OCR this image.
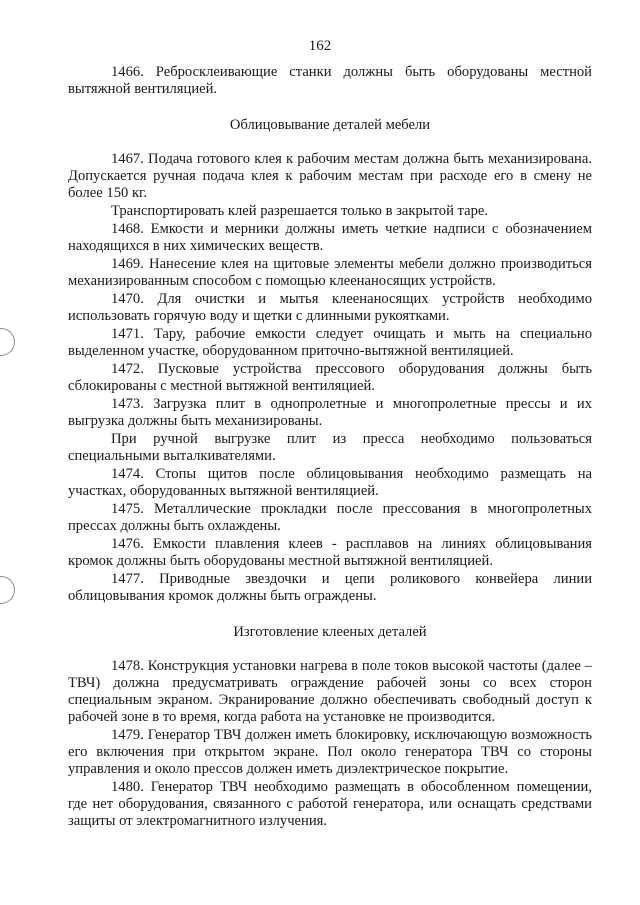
162

1466. Ребросклеивающие станки должны быть оборудованы местной вытяжной вентиляцией.

Облицовывание деталей мебели

1467. Подача готового клея к рабочим местам должна быть механизирована. Допускается ручная подача клея к рабочим местам при расходе его в смену не более 150 кг.

Транспортировать клей разрешается только в закрытой таре.

1468. Емкости и мерники должны иметь четкие надписи с обозначением находящихся в них химических веществ.

1469. Нанесение клея на щитовые элементы мебели должно производиться механизированным способом с помощью клеенаносящих устройств.

1470. Для очистки и мытья клеенаносящих устройств необходимо использовать горячую воду и щетки с длинными рукоятками.

1471. Тару, рабочие емкости следует очищать и мыть на специально выделенном участке, оборудованном приточно-вытяжной вентиляцией.

1472. Пусковые устройства прессового оборудования должны быть сблокированы с местной вытяжной вентиляцией.

1473. Загрузка плит в однопролетные и многопролетные прессы и их выгрузка должны быть механизированы.

При ручной выгрузке плит из пресса необходимо пользоваться специальными выталкивателями.

1474. Стопы щитов после облицовывания необходимо размещать на участках, оборудованных вытяжной вентиляцией.

1475. Металлические прокладки после прессования в многопролетных прессах должны быть охлаждены.

1476. Емкости плавления клеев - расплавов на линиях облицовывания кромок должны быть оборудованы местной вытяжной вентиляцией.

1477. Приводные звездочки и цепи роликового конвейера линии облицовывания кромок должны быть ограждены.

Изготовление клееных деталей

1478. Конструкция установки нагрева в поле токов высокой частоты (далее – ТВЧ) должна предусматривать ограждение рабочей зоны со всех сторон специальным экраном. Экранирование должно обеспечивать свободный доступ к рабочей зоне в то время, когда работа на установке не производится.

1479. Генератор ТВЧ должен иметь блокировку, исключающую возможность его включения при открытом экране. Пол около генератора ТВЧ со стороны управления и около прессов должен иметь диэлектрическое покрытие.

1480. Генератор ТВЧ необходимо размещать в обособленном помещении, где нет оборудования, связанного с работой генератора, или оснащать средствами защиты от электромагнитного излучения.
